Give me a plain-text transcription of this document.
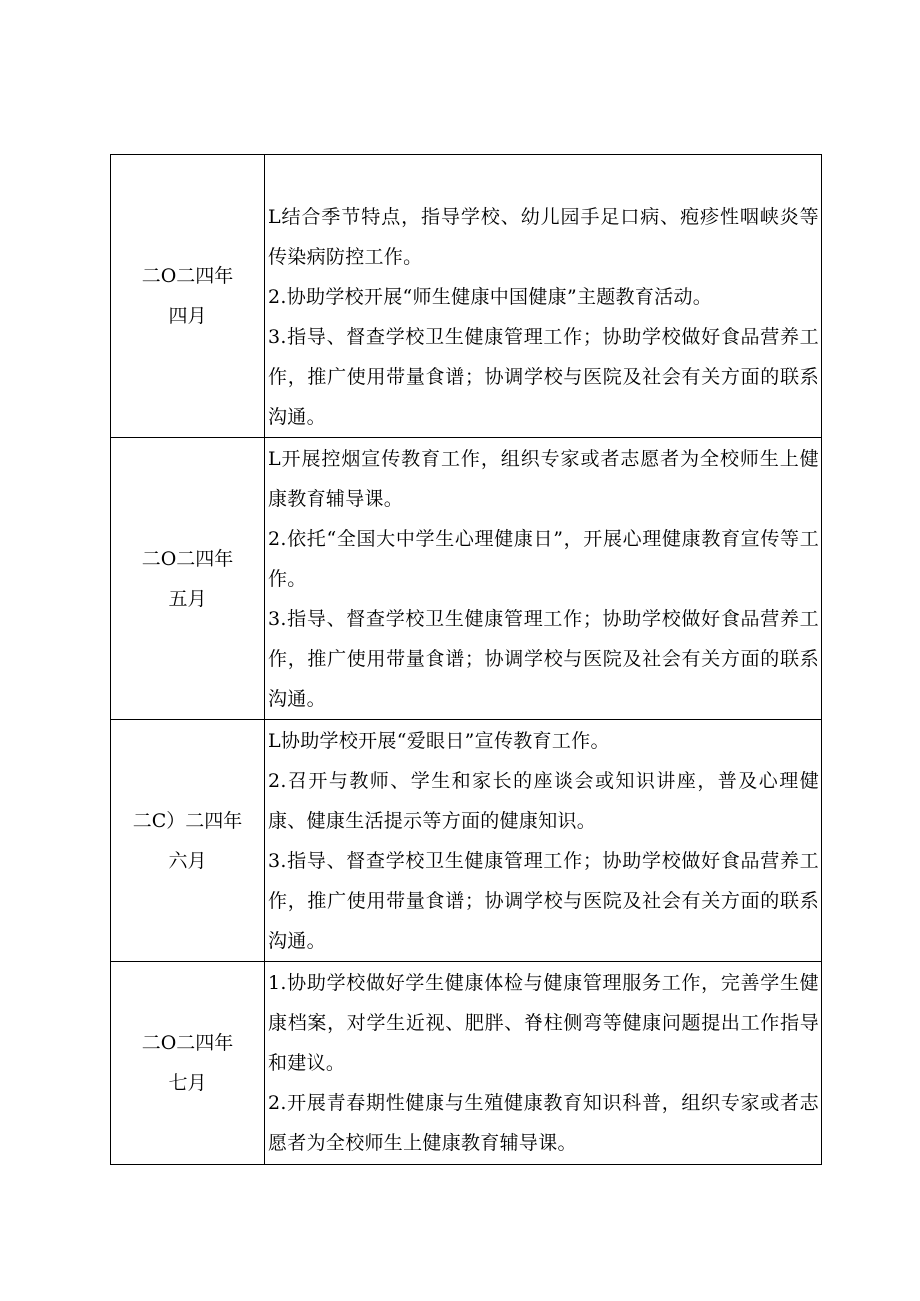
二O二四年
四月	L结合季节特点，指导学校、幼儿园手足口病、疱疹性咽峡炎等传染病防控工作。
2.协助学校开展“师生健康中国健康”主题教育活动。
3.指导、督查学校卫生健康管理工作；协助学校做好食品营养工作，推广使用带量食谱；协调学校与医院及社会有关方面的联系沟通。

二O二四年
五月	L开展控烟宣传教育工作，组织专家或者志愿者为全校师生上健康教育辅导课。
2.依托“全国大中学生心理健康日”，开展心理健康教育宣传等工作。
3.指导、督查学校卫生健康管理工作；协助学校做好食品营养工作，推广使用带量食谱；协调学校与医院及社会有关方面的联系沟通。

二C）二四年
六月	L协助学校开展“爱眼日”宣传教育工作。
2.召开与教师、学生和家长的座谈会或知识讲座，普及心理健康、健康生活提示等方面的健康知识。
3.指导、督查学校卫生健康管理工作；协助学校做好食品营养工作，推广使用带量食谱；协调学校与医院及社会有关方面的联系沟通。

二O二四年
七月	1.协助学校做好学生健康体检与健康管理服务工作，完善学生健康档案，对学生近视、肥胖、脊柱侧弯等健康问题提出工作指导和建议。
2.开展青春期性健康与生殖健康教育知识科普，组织专家或者志愿者为全校师生上健康教育辅导课。
